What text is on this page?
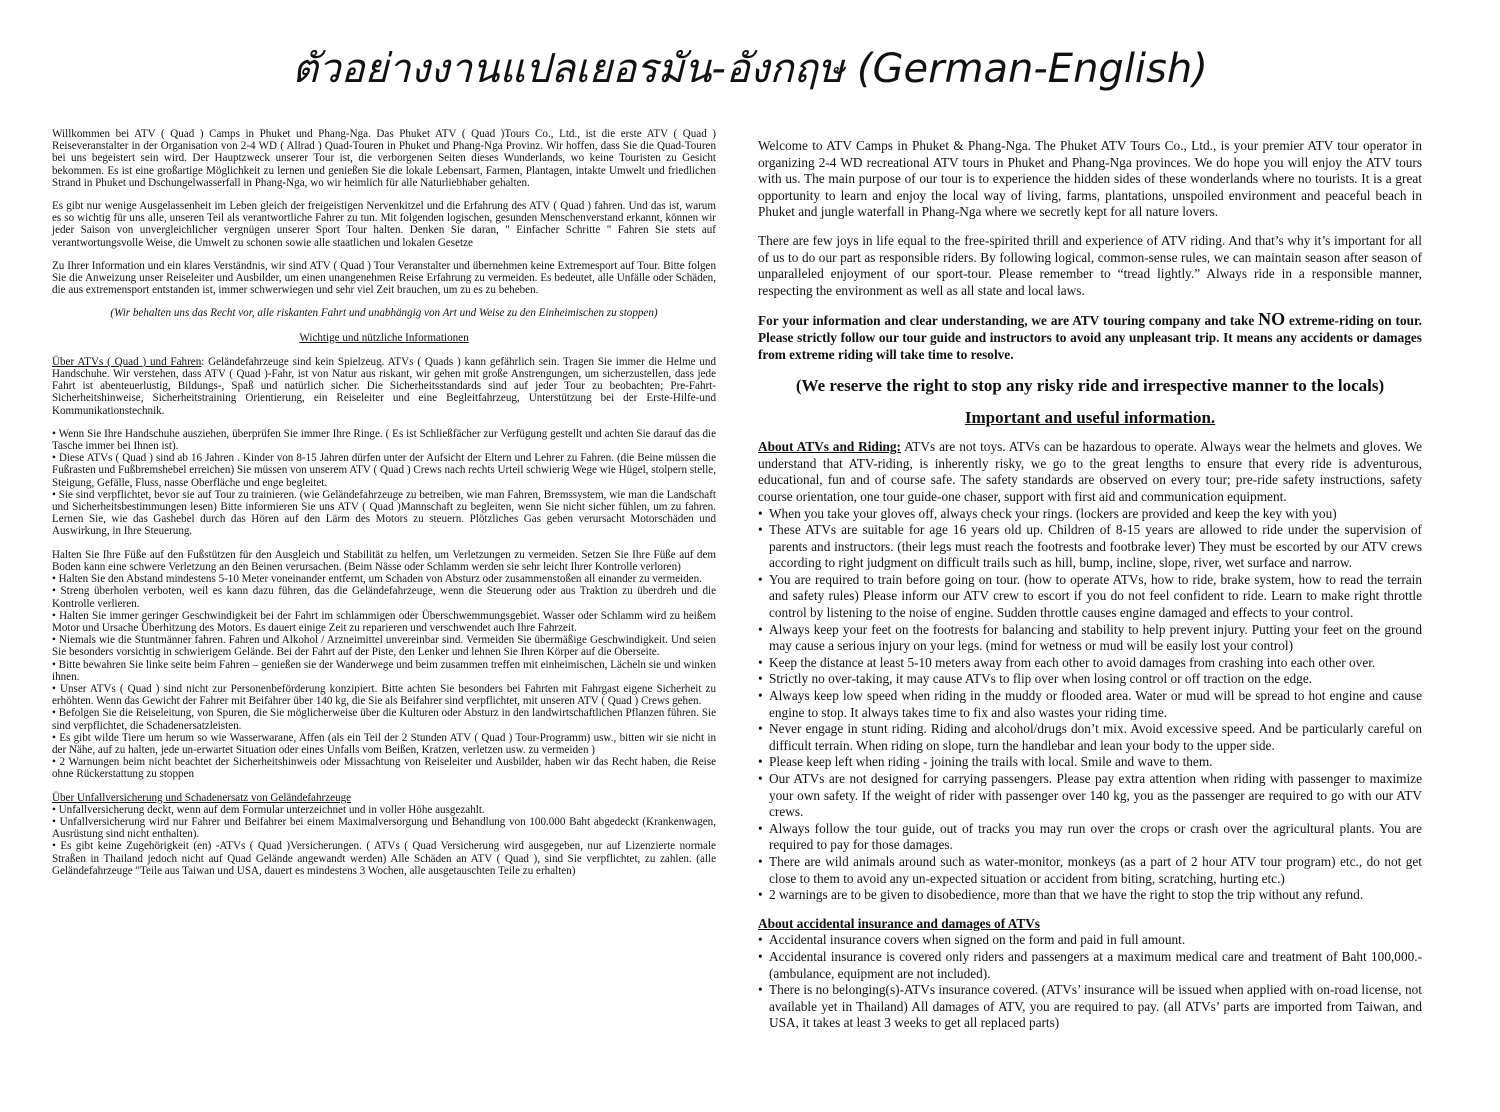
ตัวอย่างงานแปลเยอรมัน-อังกฤษ (German-English)

Willkommen bei ATV ( Quad ) Camps in Phuket und Phang-Nga. Das Phuket ATV ( Quad )Tours Co., Ltd., ist die erste ATV ( Quad ) Reiseveranstalter in der Organisation von 2-4 WD ( Allrad ) Quad-Touren in Phuket und Phang-Nga Provinz. Wir hoffen, dass Sie die Quad-Touren bei uns begeistert sein wird. Der Hauptzweck unserer Tour ist, die verborgenen Seiten dieses Wunderlands, wo keine Touristen zu Gesicht bekommen. Es ist eine großartige Möglichkeit zu lernen und genießen Sie die lokale Lebensart, Farmen, Plantagen, intakte Umwelt und friedlichen Strand in Phuket und Dschungelwasserfall in Phang-Nga, wo wir heimlich für alle Naturliebhaber gehalten.

Es gibt nur wenige Ausgelassenheit im Leben gleich der freigeistigen Nervenkitzel und die Erfahrung des ATV ( Quad ) fahren. Und das ist, warum es so wichtig für uns alle, unseren Teil als verantwortliche Fahrer zu tun. Mit folgenden logischen, gesunden Menschenverstand erkannt, können wir jeder Saison von unvergleichlicher vergnügen unserer Sport Tour halten. Denken Sie daran, " Einfacher Schritte " Fahren Sie stets auf verantwortungsvolle Weise, die Umwelt zu schonen sowie alle staatlichen und lokalen Gesetze

Zu Ihrer Information und ein klares Verständnis, wir sind ATV ( Quad ) Tour Veranstalter und übernehmen keine Extremesport auf Tour. Bitte folgen Sie die Anweizung unser Reiseleiter und Ausbilder, um einen unangenehmen Reise Erfahrung zu vermeiden. Es bedeutet, alle Unfälle oder Schäden, die aus extremensport entstanden ist, immer schwerwiegen und sehr viel Zeit brauchen, um zu es zu beheben.

(Wir behalten uns das Recht vor, alle riskanten Fahrt und unabhängig von Art und Weise zu den Einheimischen zu stoppen)

Wichtige und nützliche Informationen

Über ATVs ( Quad ) und Fahren: Geländefahrzeuge sind kein Spielzeug. ATVs ( Quads ) kann gefährlich sein. Tragen Sie immer die Helme und Handschuhe. Wir verstehen, dass ATV ( Quad )-Fahr, ist von Natur aus riskant, wir gehen mit große Anstrengungen, um sicherzustellen, dass jede Fahrt ist abenteuerlustig, Bildungs-, Spaß und natürlich sicher. Die Sicherheitsstandards sind auf jeder Tour zu beobachten; Pre-Fahrt-Sicherheitshinweise, Sicherheitstraining Orientierung, ein Reiseleiter und eine Begleitfahrzeug, Unterstützung bei der Erste-Hilfe-und Kommunikationstechnik.

• Wenn Sie Ihre Handschuhe ausziehen, überprüfen Sie immer Ihre Ringe. ( Es ist Schließfächer zur Verfügung gestellt und achten Sie darauf das die Tasche immer bei Ihnen ist).
• Diese ATVs ( Quad ) sind ab 16 Jahren . Kinder von 8-15 Jahren dürfen unter der Aufsicht der Eltern und Lehrer zu Fahren. (die Beine müssen die Fußrasten und Fußbremshebel erreichen) Sie müssen von unserem ATV ( Quad ) Crews nach rechts Urteil schwierig Wege wie Hügel, stolpern stelle, Steigung, Gefälle, Fluss, nasse Oberfläche und enge begleitet.
• Sie sind verpflichtet, bevor sie auf Tour zu trainieren. (wie Geländefahrzeuge zu betreiben, wie man Fahren, Bremssystem, wie man die Landschaft und Sicherheitsbestimmungen lesen) Bitte informieren Sie uns ATV ( Quad )Mannschaft zu begleiten, wenn Sie nicht sicher fühlen, um zu fahren. Lernen Sie, wie das Gashebel durch das Hören auf den Lärm des Motors zu steuern. Plötzliches Gas geben verursacht Motorschäden und Auswirkung, in Ihre Steuerung.
Halten Sie Ihre Füße auf den Fußstützen für den Ausgleich und Stabilität zu helfen, um Verletzungen zu vermeiden. Setzen Sie Ihre Füße auf dem Boden kann eine schwere Verletzung an den Beinen verursachen. (Beim Nässe oder Schlamm werden sie sehr leicht Ihrer Kontrolle verloren)
• Halten Sie den Abstand mindestens 5-10 Meter voneinander entfernt, um Schaden von Absturz oder zusammenstoßen all einander zu vermeiden.
• Streng überholen verboten, weil es kann dazu führen, das die Geländefahrzeuge, wenn die Steuerung oder aus Traktion zu überdreh und die Kontrolle verlieren.
• Halten Sie immer geringer Geschwindigkeit bei der Fahrt im schlammigen oder Überschwemmungsgebiet. Wasser oder Schlamm wird zu heißem Motor und Ursache Überhitzung des Motors. Es dauert einige Zeit zu reparieren und verschwendet auch Ihre Fahrzeit.
• Niemals wie die Stuntmänner fahren. Fahren und Alkohol / Arzneimittel unvereinbar sind. Vermeiden Sie übermäßige Geschwindigkeit. Und seien Sie besonders vorsichtig in schwierigem Gelände. Bei der Fahrt auf der Piste, den Lenker und lehnen Sie Ihren Körper auf die Oberseite.
• Bitte bewahren Sie linke seite beim Fahren – genießen sie der Wanderwege und beim zusammen treffen mit einheimischen, Lächeln sie und winken ihnen.
• Unser ATVs ( Quad ) sind nicht zur Personenbeförderung konzipiert. Bitte achten Sie besonders bei Fahrten mit Fahrgast eigene Sicherheit zu erhöhten. Wenn das Gewicht der Fahrer mit Beifahrer über 140 kg, die Sie als Beifahrer sind verpflichtet, mit unseren ATV ( Quad ) Crews gehen.
• Befolgen Sie die Reiseleitung, von Spuren, die Sie möglicherweise über die Kulturen oder Absturz in den landwirtschaftlichen Pflanzen führen. Sie sind verpflichtet, die Schadenersatzleisten.
• Es gibt wilde Tiere um herum so wie Wasserwarane, Affen (als ein Teil der 2 Stunden ATV ( Quad ) Tour-Programm) usw., bitten wir sie nicht in der Nähe, auf zu halten, jede un-erwartet Situation oder eines Unfalls vom Beißen, Kratzen, verletzen usw. zu vermeiden )
• 2 Warnungen beim nicht beachtet der Sicherheitshinweis oder Missachtung von Reiseleiter und Ausbilder, haben wir das Recht haben, die Reise ohne Rückerstattung zu stoppen

Über Unfallversicherung und Schadenersatz von Geländefahrzeuge

• Unfallversicherung deckt, wenn auf dem Formular unterzeichnet und in voller Höhe ausgezahlt.
• Unfallversicherung wird nur Fahrer und Beifahrer bei einem Maximalversorgung und Behandlung von 100.000 Baht abgedeckt (Krankenwagen, Ausrüstung sind nicht enthalten).
• Es gibt keine Zugehörigkeit (en) -ATVs ( Quad )Versicherungen. ( ATVs ( Quad Versicherung wird ausgegeben, nur auf Lizenzierte normale Straßen in Thailand jedoch nicht auf Quad Gelände angewandt werden) Alle Schäden an ATV ( Quad ), sind Sie verpflichtet, zu zahlen. (alle Geländefahrzeuge "Teile aus Taiwan und USA, dauert es mindestens 3 Wochen, alle ausgetauschten Teile zu erhalten)

Welcome to ATV Camps in Phuket & Phang-Nga. The Phuket ATV Tours Co., Ltd., is your premier ATV tour operator in organizing 2-4 WD recreational ATV tours in Phuket and Phang-Nga provinces. We do hope you will enjoy the ATV tours with us. The main purpose of our tour is to experience the hidden sides of these wonderlands where no tourists. It is a great opportunity to learn and enjoy the local way of living, farms, plantations, unspoiled environment and peaceful beach in Phuket and jungle waterfall in Phang-Nga where we secretly kept for all nature lovers.

There are few joys in life equal to the free-spirited thrill and experience of ATV riding. And that’s why it’s important for all of us to do our part as responsible riders. By following logical, common-sense rules, we can maintain season after season of unparalleled enjoyment of our sport-tour. Please remember to “tread lightly.” Always ride in a responsible manner, respecting the environment as well as all state and local laws.

For your information and clear understanding, we are ATV touring company and take NO extreme-riding on tour. Please strictly follow our tour guide and instructors to avoid any unpleasant trip. It means any accidents or damages from extreme riding will take time to resolve.

(We reserve the right to stop any risky ride and irrespective manner to the locals)

Important and useful information.

About ATVs and Riding: ATVs are not toys. ATVs can be hazardous to operate. Always wear the helmets and gloves. We understand that ATV-riding, is inherently risky, we go to the great lengths to ensure that every ride is adventurous, educational, fun and of course safe. The safety standards are observed on every tour; pre-ride safety instructions, safety course orientation, one tour guide-one chaser, support with first aid and communication equipment.

• When you take your gloves off, always check your rings. (lockers are provided and keep the key with you)
• These ATVs are suitable for age 16 years old up. Children of 8-15 years are allowed to ride under the supervision of parents and instructors. (their legs must reach the footrests and footbrake lever) They must be escorted by our ATV crews according to right judgment on difficult trails such as hill, bump, incline, slope, river, wet surface and narrow.
• You are required to train before going on tour. (how to operate ATVs, how to ride, brake system, how to read the terrain and safety rules) Please inform our ATV crew to escort if you do not feel confident to ride. Learn to make right throttle control by listening to the noise of engine. Sudden throttle causes engine damaged and effects to your control.
• Always keep your feet on the footrests for balancing and stability to help prevent injury. Putting your feet on the ground may cause a serious injury on your legs. (mind for wetness or mud will be easily lost your control)
• Keep the distance at least 5-10 meters away from each other to avoid damages from crashing into each other over.
• Strictly no over-taking, it may cause ATVs to flip over when losing control or off traction on the edge.
• Always keep low speed when riding in the muddy or flooded area. Water or mud will be spread to hot engine and cause engine to stop. It always takes time to fix and also wastes your riding time.
• Never engage in stunt riding. Riding and alcohol/drugs don’t mix. Avoid excessive speed. And be particularly careful on difficult terrain. When riding on slope, turn the handlebar and lean your body to the upper side.
• Please keep left when riding - joining the trails with local. Smile and wave to them.
• Our ATVs are not designed for carrying passengers. Please pay extra attention when riding with passenger to maximize your own safety. If the weight of rider with passenger over 140 kg, you as the passenger are required to go with our ATV crews.
• Always follow the tour guide, out of tracks you may run over the crops or crash over the agricultural plants. You are required to pay for those damages.
• There are wild animals around such as water-monitor, monkeys (as a part of 2 hour ATV tour program) etc., do not get close to them to avoid any un-expected situation or accident from biting, scratching, hurting etc.)
• 2 warnings are to be given to disobedience, more than that we have the right to stop the trip without any refund.

About accidental insurance and damages of ATVs

• Accidental insurance covers when signed on the form and paid in full amount.
• Accidental insurance is covered only riders and passengers at a maximum medical care and treatment of Baht 100,000.- (ambulance, equipment are not included).
• There is no belonging(s)-ATVs insurance covered. (ATVs’ insurance will be issued when applied with on-road license, not available yet in Thailand) All damages of ATV, you are required to pay. (all ATVs’ parts are imported from Taiwan, and USA, it takes at least 3 weeks to get all replaced parts)
